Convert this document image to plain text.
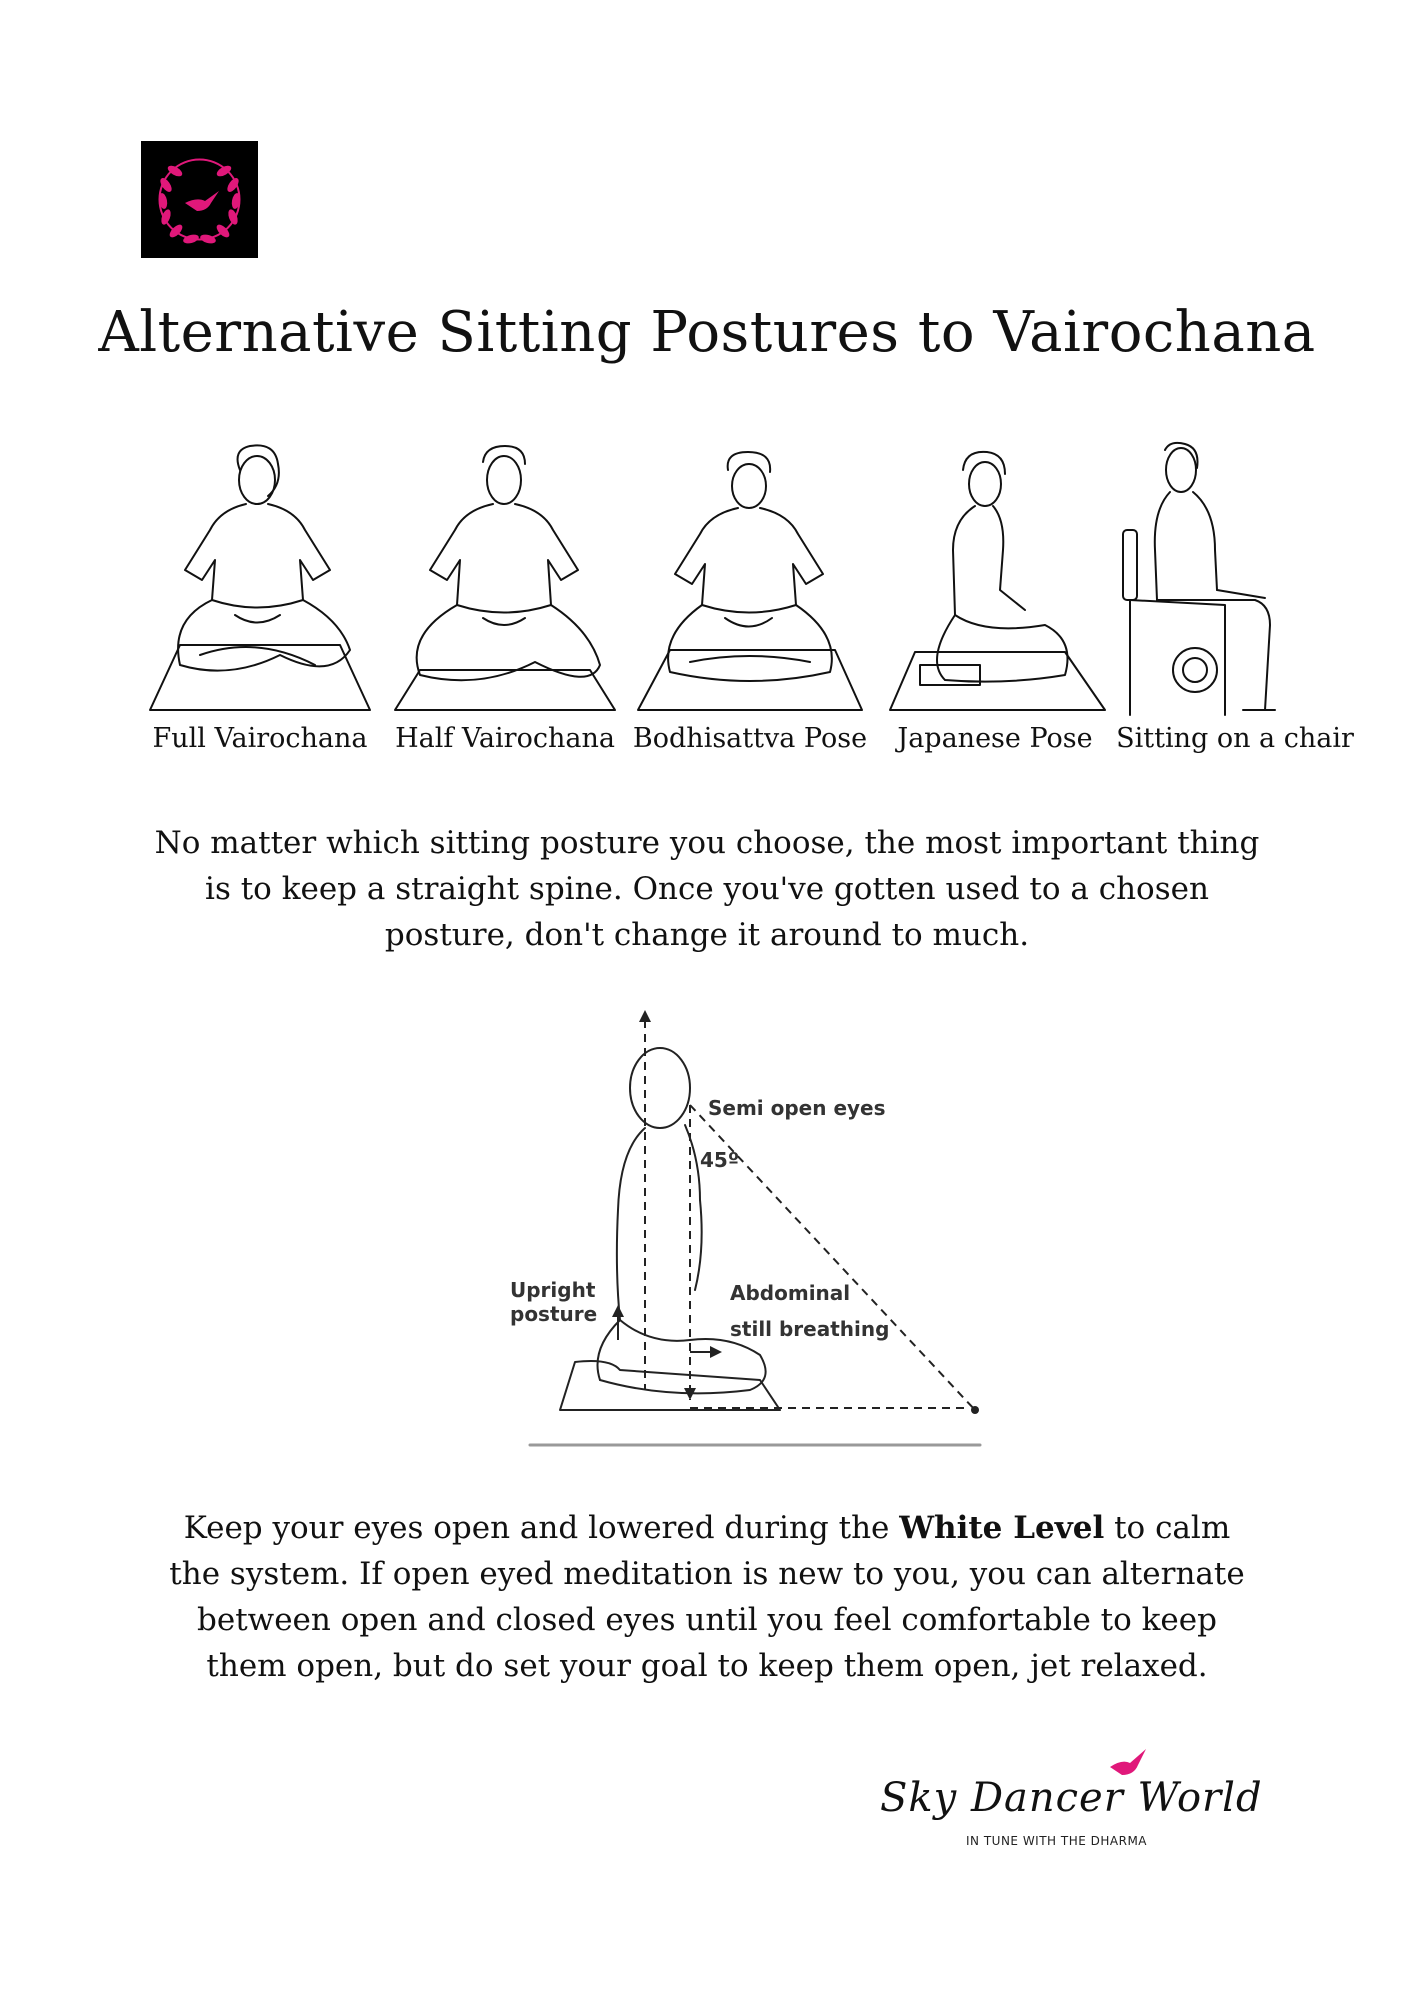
Alternative Sitting Postures to Vairochana
Full Vairochana	Half Vairochana Bodhisattva Pose	Japanese Pose Sitting on a chair

No matter which sitting posture you choose, the most important thing
is to keep a straight spine. Once you've gotten used to a chosen
posture, don't change it around to much.

Semi open eyes
45º
Upright
posture
Abdominal
still breathing

Keep your eyes open and lowered during the White Level to calm
the system. If open eyed meditation is new to you, you can alternate
between open and closed eyes until you feel comfortable to keep
them open, but do set your goal to keep them open, jet relaxed.

Sky Dancer World
IN TUNE WITH THE DHARMA
